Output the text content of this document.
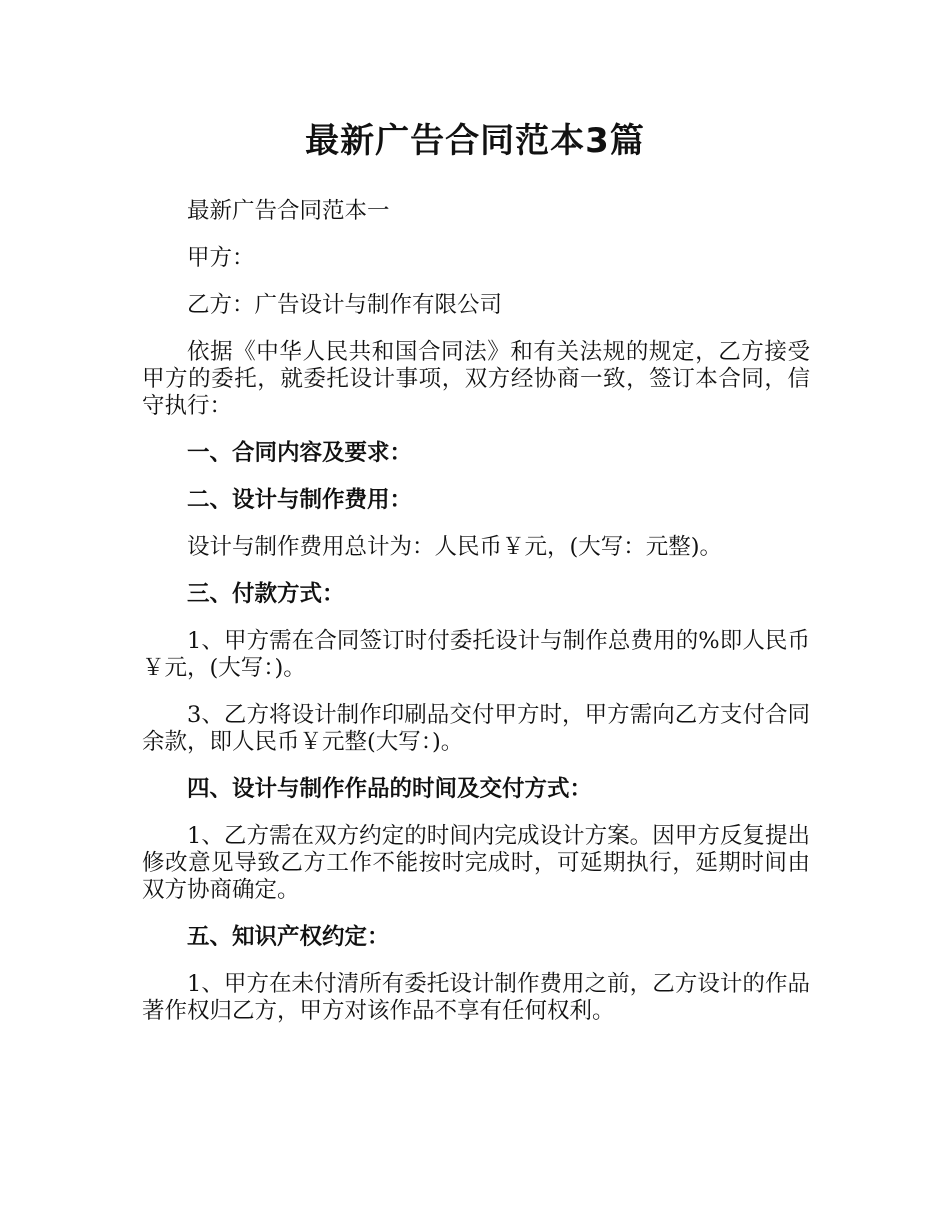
最新广告合同范本3篇

最新广告合同范本一

甲方：

乙方：广告设计与制作有限公司

依据《中华人民共和国合同法》和有关法规的规定，乙方接受甲方的委托，就委托设计事项，双方经协商一致，签订本合同，信守执行：

一、合同内容及要求：

二、设计与制作费用：

设计与制作费用总计为：人民币￥元，(大写：元整)。

三、付款方式：

1、甲方需在合同签订时付委托设计与制作总费用的%即人民币￥元，(大写：)。

3、乙方将设计制作印刷品交付甲方时，甲方需向乙方支付合同余款，即人民币￥元整(大写：)。

四、设计与制作作品的时间及交付方式：

1、乙方需在双方约定的时间内完成设计方案。因甲方反复提出修改意见导致乙方工作不能按时完成时，可延期执行，延期时间由双方协商确定。

五、知识产权约定：

1、甲方在未付清所有委托设计制作费用之前，乙方设计的作品著作权归乙方，甲方对该作品不享有任何权利。
